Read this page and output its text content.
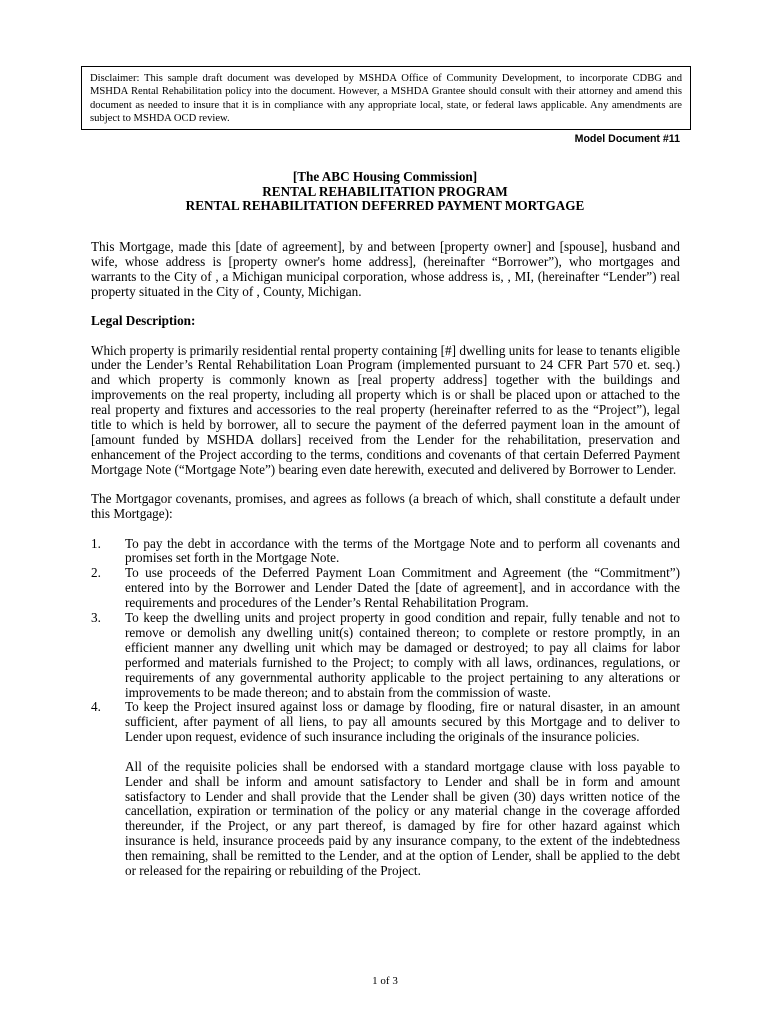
Disclaimer: This sample draft document was developed by MSHDA Office of Community Development, to incorporate CDBG and MSHDA Rental Rehabilitation policy into the document. However, a MSHDA Grantee should consult with their attorney and amend this document as needed to insure that it is in compliance with any appropriate local, state, or federal laws applicable. Any amendments are subject to MSHDA OCD review.
Model Document #11
[The ABC Housing Commission]
RENTAL REHABILITATION PROGRAM
RENTAL REHABILITATION DEFERRED PAYMENT MORTGAGE

This Mortgage, made this [date of agreement], by and between [property owner] and [spouse], husband and wife, whose address is [property owner's home address], (hereinafter “Borrower”), who mortgages and warrants to the City of , a Michigan municipal corporation, whose address is, , MI, (hereinafter “Lender”) real property situated in the City of , County, Michigan.

Legal Description:

Which property is primarily residential rental property containing [#] dwelling units for lease to tenants eligible under the Lender’s Rental Rehabilitation Loan Program (implemented pursuant to 24 CFR Part 570 et. seq.) and which property is commonly known as [real property address] together with the buildings and improvements on the real property, including all property which is or shall be placed upon or attached to the real property and fixtures and accessories to the real property (hereinafter referred to as the “Project”), legal title to which is held by borrower, all to secure the payment of the deferred payment loan in the amount of [amount funded by MSHDA dollars] received from the Lender for the rehabilitation, preservation and enhancement of the Project according to the terms, conditions and covenants of that certain Deferred Payment Mortgage Note (“Mortgage Note”) bearing even date herewith, executed and delivered by Borrower to Lender.

The Mortgagor covenants, promises, and agrees as follows (a breach of which, shall constitute a default under this Mortgage):

1.	To pay the debt in accordance with the terms of the Mortgage Note and to perform all covenants and promises set forth in the Mortgage Note.
2.	To use proceeds of the Deferred Payment Loan Commitment and Agreement (the “Commitment”) entered into by the Borrower and Lender Dated the [date of agreement], and in accordance with the requirements and procedures of the Lender’s Rental Rehabilitation Program.
3.	To keep the dwelling units and project property in good condition and repair, fully tenable and not to remove or demolish any dwelling unit(s) contained thereon; to complete or restore promptly, in an efficient manner any dwelling unit which may be damaged or destroyed; to pay all claims for labor performed and materials furnished to the Project; to comply with all laws, ordinances, regulations, or requirements of any governmental authority applicable to the project pertaining to any alterations or improvements to be made thereon; and to abstain from the commission of waste.
4.	To keep the Project insured against loss or damage by flooding, fire or natural disaster, in an amount sufficient, after payment of all liens, to pay all amounts secured by this Mortgage and to deliver to Lender upon request, evidence of such insurance including the originals of the insurance policies.

All of the requisite policies shall be endorsed with a standard mortgage clause with loss payable to Lender and shall be inform and amount satisfactory to Lender and shall be in form and amount satisfactory to Lender and shall provide that the Lender shall be given (30) days written notice of the cancellation, expiration or termination of the policy or any material change in the coverage afforded thereunder, if the Project, or any part thereof, is damaged by fire for other hazard against which insurance is held, insurance proceeds paid by any insurance company, to the extent of the indebtedness then remaining, shall be remitted to the Lender, and at the option of Lender, shall be applied to the debt or released for the repairing or rebuilding of the Project.

1 of 3
